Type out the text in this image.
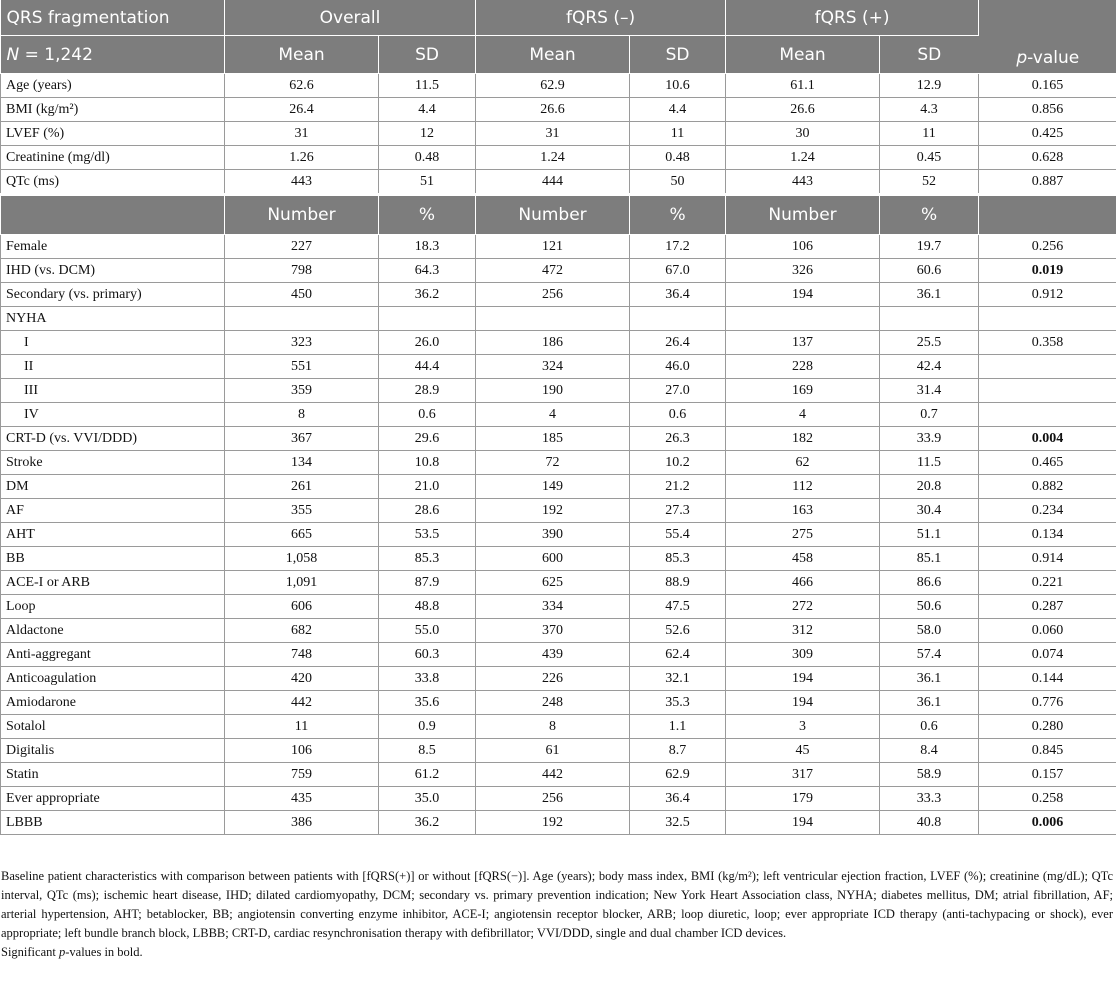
QRS fragmentation	Overall		fQRS (–)		fQRS (+)		p-value
N = 1,242	Mean	SD	Mean	SD	Mean	SD	
Age (years)	62.6	11.5	62.9	10.6	61.1	12.9	0.165
BMI (kg/m²)	26.4	4.4	26.6	4.4	26.6	4.3	0.856
LVEF (%)	31	12	31	11	30	11	0.425
Creatinine (mg/dl)	1.26	0.48	1.24	0.48	1.24	0.45	0.628
QTc (ms)	443	51	444	50	443	52	0.887
	Number	%	Number	%	Number	%	
Female	227	18.3	121	17.2	106	19.7	0.256
IHD (vs. DCM)	798	64.3	472	67.0	326	60.6	0.019
Secondary (vs. primary)	450	36.2	256	36.4	194	36.1	0.912
NYHA							
I	323	26.0	186	26.4	137	25.5	0.358
II	551	44.4	324	46.0	228	42.4	
III	359	28.9	190	27.0	169	31.4	
IV	8	0.6	4	0.6	4	0.7	
CRT-D (vs. VVI/DDD)	367	29.6	185	26.3	182	33.9	0.004
Stroke	134	10.8	72	10.2	62	11.5	0.465
DM	261	21.0	149	21.2	112	20.8	0.882
AF	355	28.6	192	27.3	163	30.4	0.234
AHT	665	53.5	390	55.4	275	51.1	0.134
BB	1,058	85.3	600	85.3	458	85.1	0.914
ACE-I or ARB	1,091	87.9	625	88.9	466	86.6	0.221
Loop	606	48.8	334	47.5	272	50.6	0.287
Aldactone	682	55.0	370	52.6	312	58.0	0.060
Anti-aggregant	748	60.3	439	62.4	309	57.4	0.074
Anticoagulation	420	33.8	226	32.1	194	36.1	0.144
Amiodarone	442	35.6	248	35.3	194	36.1	0.776
Sotalol	11	0.9	8	1.1	3	0.6	0.280
Digitalis	106	8.5	61	8.7	45	8.4	0.845
Statin	759	61.2	442	62.9	317	58.9	0.157
Ever appropriate	435	35.0	256	36.4	179	33.3	0.258
LBBB	386	36.2	192	32.5	194	40.8	0.006

Baseline patient characteristics with comparison between patients with [fQRS(+)] or without [fQRS(−)]. Age (years); body mass index, BMI (kg/m²); left ventricular ejection fraction, LVEF (%); creatinine (mg/dL); QTc interval, QTc (ms); ischemic heart disease, IHD; dilated cardiomyopathy, DCM; secondary vs. primary prevention indication; New York Heart Association class, NYHA; diabetes mellitus, DM; atrial fibrillation, AF; arterial hypertension, AHT; betablocker, BB; angiotensin converting enzyme inhibitor, ACE-I; angiotensin receptor blocker, ARB; loop diuretic, loop; ever appropriate ICD therapy (anti-tachypacing or shock), ever appropriate; left bundle branch block, LBBB; CRT-D, cardiac resynchronisation therapy with defibrillator; VVI/DDD, single and dual chamber ICD devices.

Significant p-values in bold.
